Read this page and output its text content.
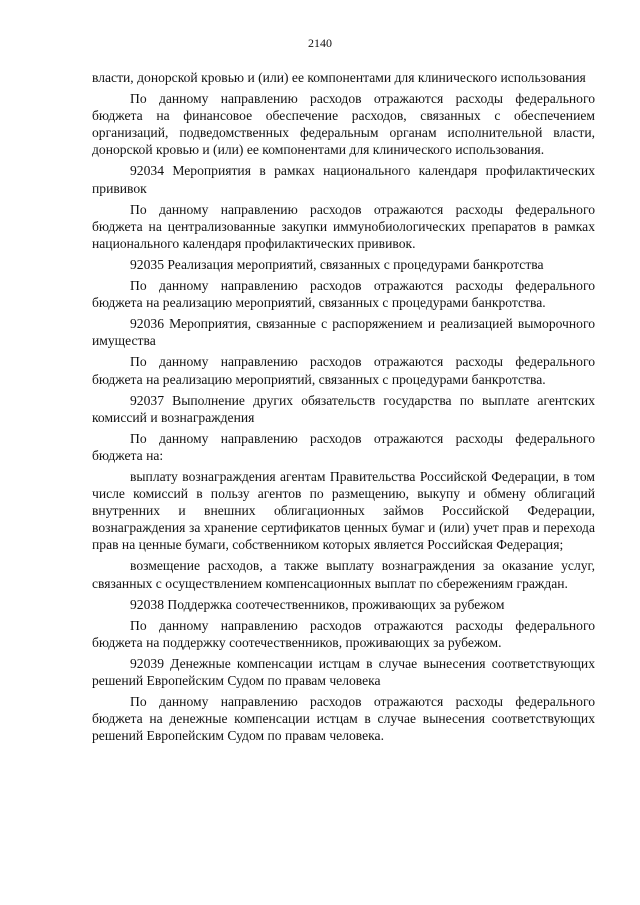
2140

власти, донорской кровью и (или) ее компонентами для клинического использования

По данному направлению расходов отражаются расходы федерального бюджета на финансовое обеспечение расходов, связанных с обеспечением организаций, подведомственных федеральным органам исполнительной власти, донорской кровью и (или) ее компонентами для клинического использования.

92034 Мероприятия в рамках национального календаря профилактических прививок

По данному направлению расходов отражаются расходы федерального бюджета на централизованные закупки иммунобиологических препаратов в рамках национального календаря профилактических прививок.

92035 Реализация мероприятий, связанных с процедурами банкротства

По данному направлению расходов отражаются расходы федерального бюджета на реализацию мероприятий, связанных с процедурами банкротства.

92036 Мероприятия, связанные с распоряжением и реализацией выморочного имущества

По данному направлению расходов отражаются расходы федерального бюджета на реализацию мероприятий, связанных с процедурами банкротства.

92037 Выполнение других обязательств государства по выплате агентских комиссий и вознаграждения

По данному направлению расходов отражаются расходы федерального бюджета на:

выплату вознаграждения агентам Правительства Российской Федерации, в том числе комиссий в пользу агентов по размещению, выкупу и обмену облигаций внутренних и внешних облигационных займов Российской Федерации, вознаграждения за хранение сертификатов ценных бумаг и (или) учет прав и перехода прав на ценные бумаги, собственником которых является Российская Федерация;

возмещение расходов, а также выплату вознаграждения за оказание услуг, связанных с осуществлением компенсационных выплат по сбережениям граждан.

92038 Поддержка соотечественников, проживающих за рубежом

По данному направлению расходов отражаются расходы федерального бюджета на поддержку соотечественников, проживающих за рубежом.

92039 Денежные компенсации истцам в случае вынесения соответствующих решений Европейским Судом по правам человека

По данному направлению расходов отражаются расходы федерального бюджета на денежные компенсации истцам в случае вынесения соответствующих решений Европейским Судом по правам человека.
